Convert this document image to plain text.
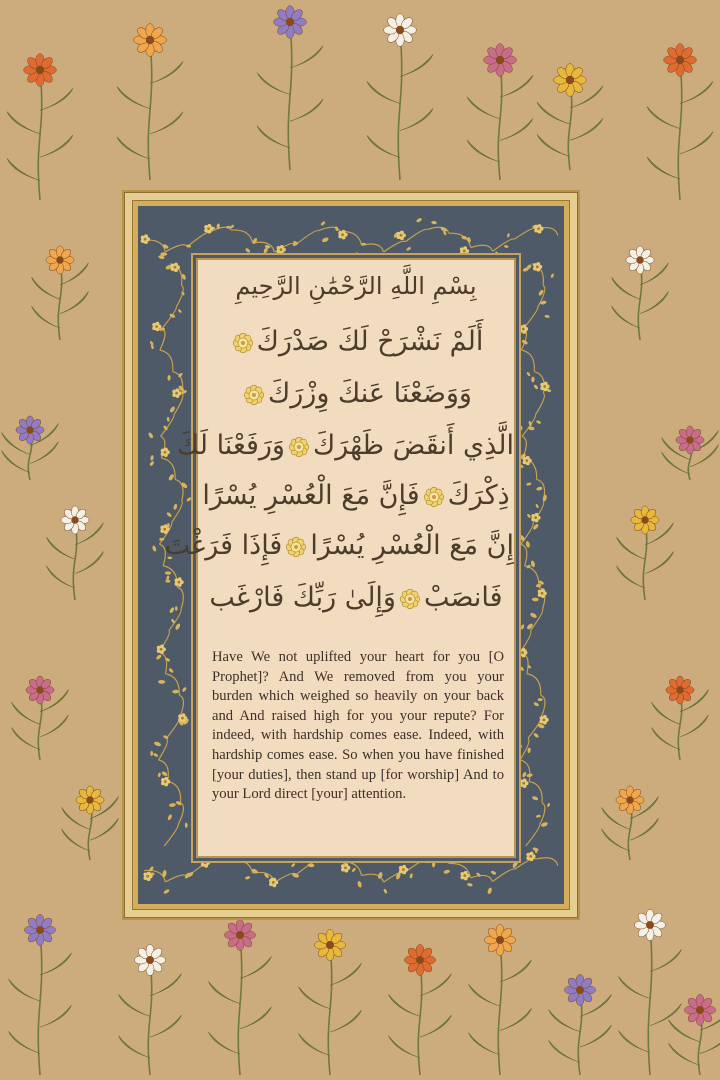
بِسْمِ اللَّهِ الرَّحْمَٰنِ الرَّحِيمِ
أَلَمْ نَشْرَحْ لَكَ صَدْرَكَ
وَوَضَعْنَا عَنكَ وِزْرَكَ
الَّذِي أَنقَضَ ظَهْرَكَ
وَرَفَعْنَا لَكَ
ذِكْرَكَ
فَإِنَّ مَعَ الْعُسْرِ يُسْرًا
إِنَّ مَعَ الْعُسْرِ يُسْرًا
فَإِذَا فَرَغْتَ
فَانصَبْ
وَإِلَىٰ رَبِّكَ فَارْغَب

Have We not uplifted your heart for you [O Prophet]? And We removed from you your burden which weighed so heavily on your back and And raised high for you your repute? For indeed, with hardship comes ease. Indeed, with hardship comes ease. So when you have finished [your duties], then stand up [for worship] And to your Lord direct [your] attention.
